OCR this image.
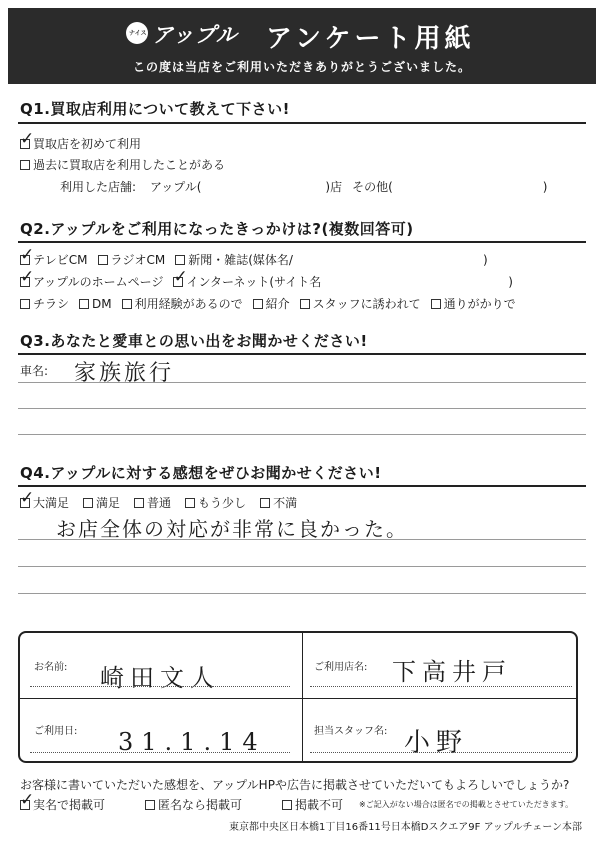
ナイス アップル アンケート用紙
この度は当店をご利用いただきありがとうございました。
Q1.買取店利用について教えて下さい!
✓
買取店を初めて利用
過去に買取店を利用したことがある
利用した店舗: アップル(	)店 その他(	)
Q2.アップルをご利用になったきっかけは?(複数回答可)
✓
テレビCM ラジオCM 新聞・雑誌(媒体名/	)
✓
アップルのホームページ ✓
インターネット(サイト名	)
チラシ DM 利用経験があるので 紹介 スタッフに誘われて 通りがかりで
Q3.あなたと愛車との思い出をお聞かせください!
車名: 家族旅行
Q4.アップルに対する感想をぜひお聞かせください!
✓
大満足 満足 普通 もう少し 不満
お店全体の対応が非常に良かった。
お名前: 崎田文人	ご利用店名: 下高井戸
ご利用日: 31.1.14	担当スタッフ名: 小野
お客様に書いていただいた感想を、アップルHPや広告に掲載させていただいてもよろしいでしょうか?
✓
実名で掲載可	匿名なら掲載可	掲載不可 ※ご記入がない場合は匿名での掲載とさせていただきます。
東京都中央区日本橋1丁目16番11号日本橋Dスクエア9F アップルチェーン本部
